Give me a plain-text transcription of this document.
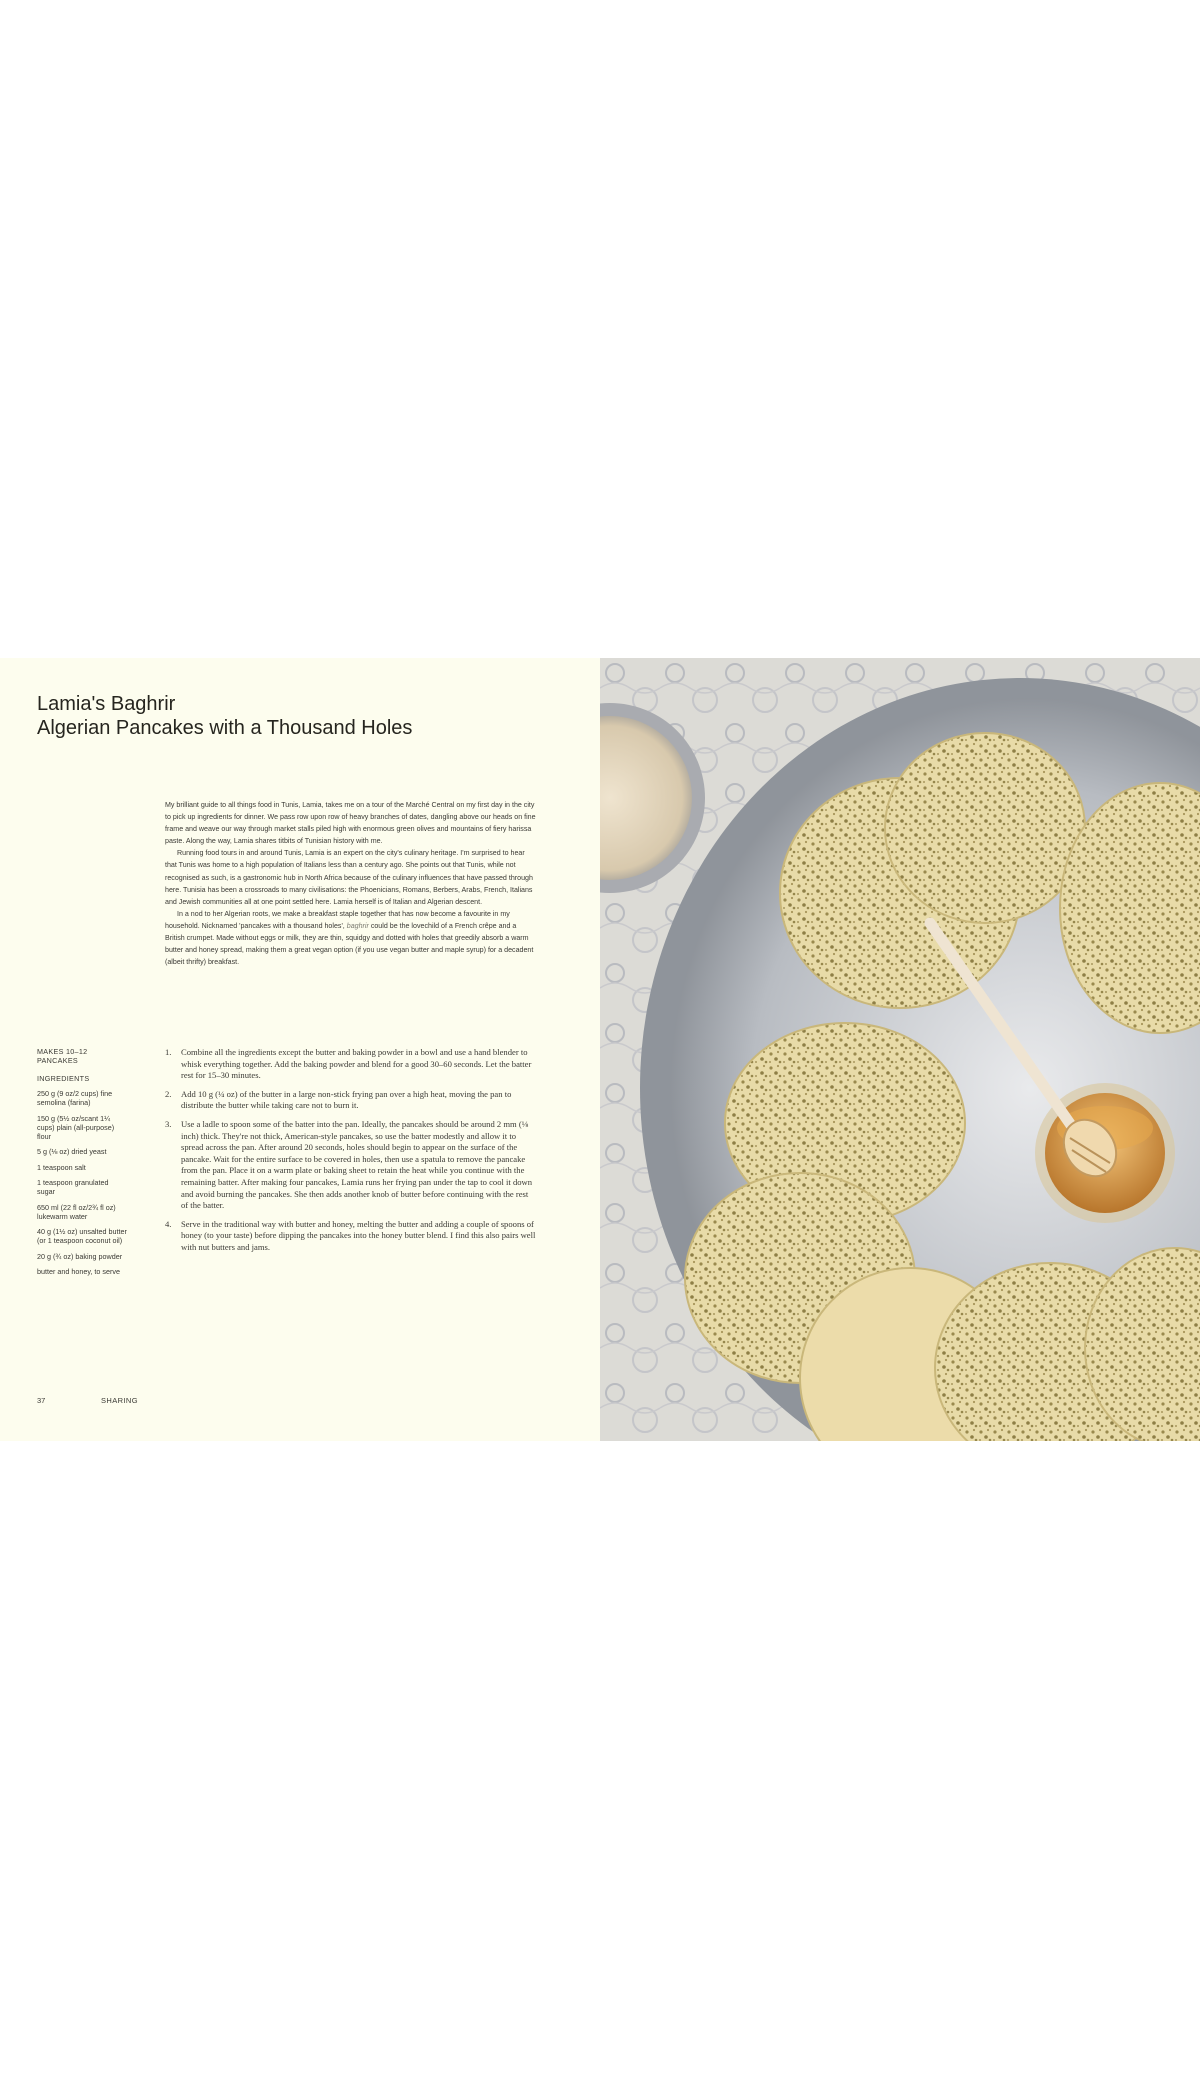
Lamia's Baghrir
Algerian Pancakes with a Thousand Holes

My brilliant guide to all things food in Tunis, Lamia, takes me on a tour of the Marché Central on my first day in the city to pick up ingredients for dinner. We pass row upon row of heavy branches of dates, dangling above our heads on fine frame and weave our way through market stalls piled high with enormous green olives and mountains of fiery harissa paste. Along the way, Lamia shares titbits of Tunisian history with me.

Running food tours in and around Tunis, Lamia is an expert on the city's culinary heritage. I'm surprised to hear that Tunis was home to a high population of Italians less than a century ago. She points out that Tunis, while not recognised as such, is a gastronomic hub in North Africa because of the culinary influences that have passed through here. Tunisia has been a crossroads to many civilisations: the Phoenicians, Romans, Berbers, Arabs, French, Italians and Jewish communities all at one point settled here. Lamia herself is of Italian and Algerian descent.

In a nod to her Algerian roots, we make a breakfast staple together that has now become a favourite in my household. Nicknamed 'pancakes with a thousand holes', baghrir could be the lovechild of a French crêpe and a British crumpet. Made without eggs or milk, they are thin, squidgy and dotted with holes that greedily absorb a warm butter and honey spread, making them a great vegan option (if you use vegan butter and maple syrup) for a decadent (albeit thrifty) breakfast.

MAKES 10–12 PANCAKES
INGREDIENTS
250 g (9 oz/2 cups) fine semolina (farina)
150 g (5½ oz/scant 1¼ cups) plain (all-purpose) flour
5 g (⅛ oz) dried yeast
1 teaspoon salt
1 teaspoon granulated sugar
650 ml (22 fl oz/2¾ fl oz) lukewarm water
40 g (1½ oz) unsalted butter (or 1 teaspoon coconut oil)
20 g (¾ oz) baking powder
butter and honey, to serve
1.	Combine all the ingredients except the butter and baking powder in a bowl and use a hand blender to whisk everything together. Add the baking powder and blend for a good 30–60 seconds. Let the batter rest for 15–30 minutes.
2.	Add 10 g (¼ oz) of the butter in a large non-stick frying pan over a high heat, moving the pan to distribute the butter while taking care not to burn it.
3.	Use a ladle to spoon some of the batter into the pan. Ideally, the pancakes should be around 2 mm (⅛ inch) thick. They're not thick, American-style pancakes, so use the batter modestly and allow it to spread across the pan. After around 20 seconds, holes should begin to appear on the surface of the pancake. Wait for the entire surface to be covered in holes, then use a spatula to remove the pancake from the pan. Place it on a warm plate or baking sheet to retain the heat while you continue with the remaining batter. After making four pancakes, Lamia runs her frying pan under the tap to cool it down and avoid burning the pancakes. She then adds another knob of butter before continuing with the rest of the batter.
4.	Serve in the traditional way with butter and honey, melting the butter and adding a couple of spoons of honey (to your taste) before dipping the pancakes into the honey butter blend. I find this also pairs well with nut butters and jams.
37	SHARING
